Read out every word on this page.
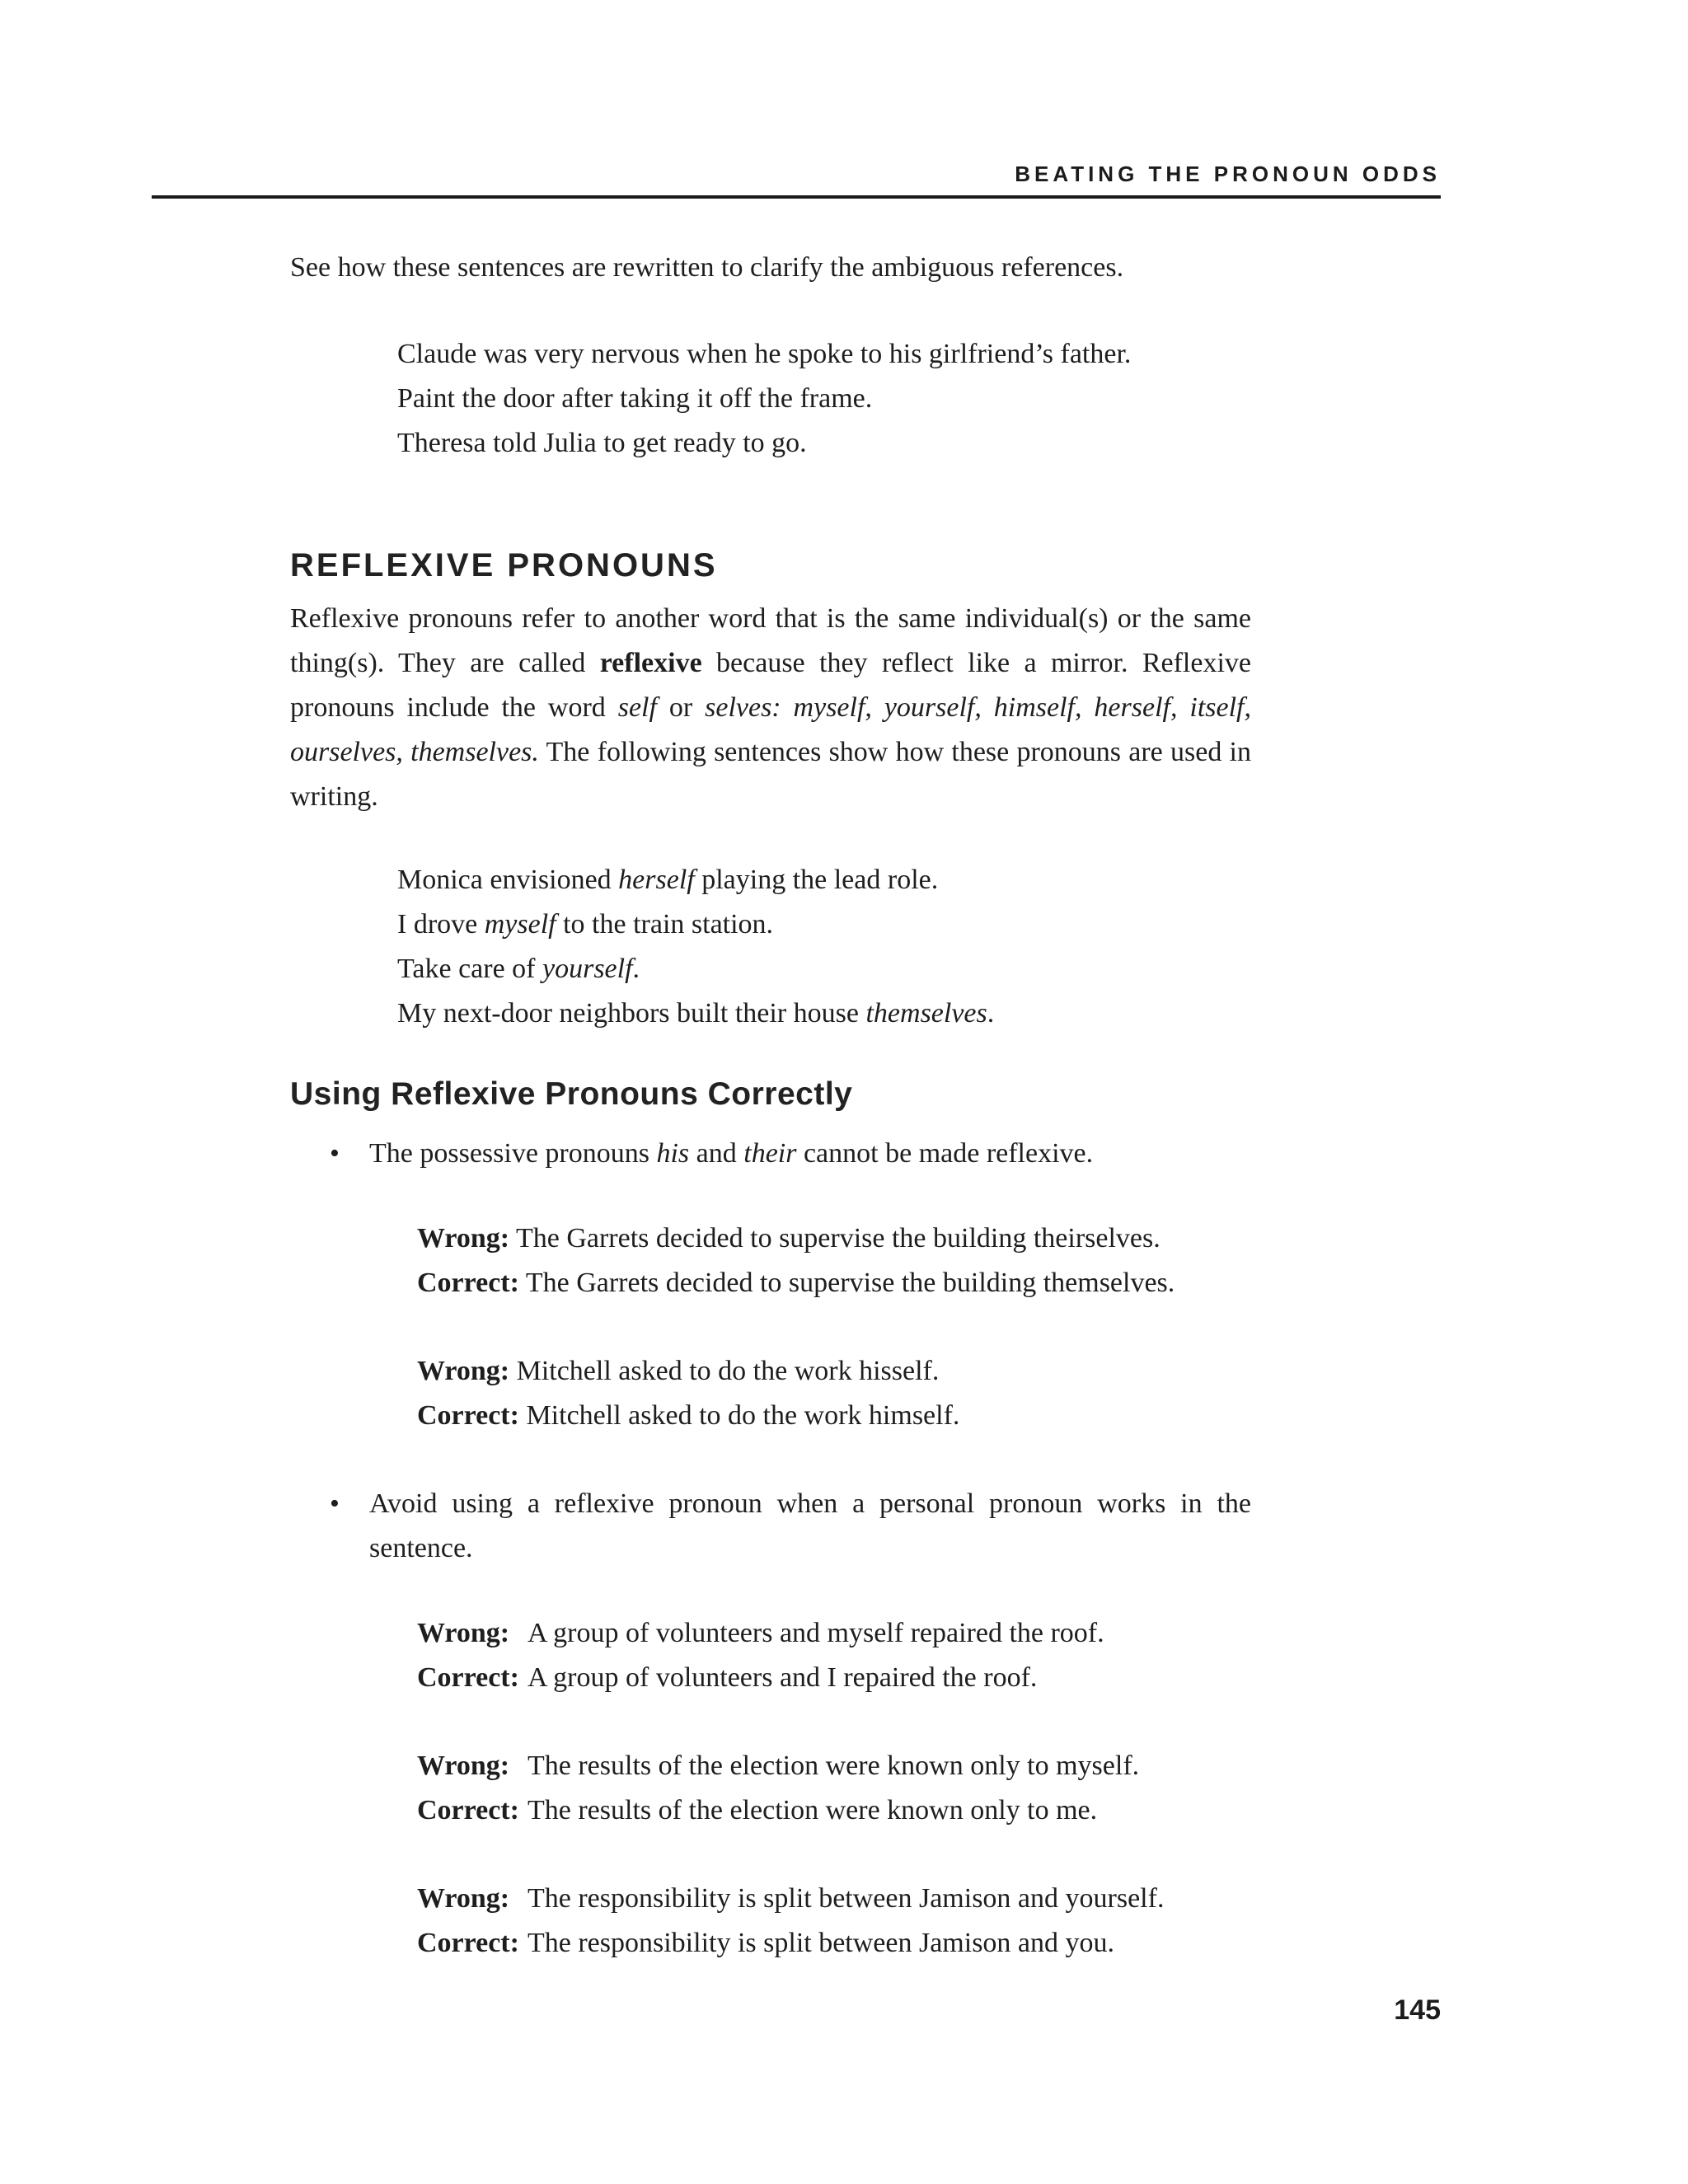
BEATING THE PRONOUN ODDS

See how these sentences are rewritten to clarify the ambiguous references.

Claude was very nervous when he spoke to his girlfriend’s father.

Paint the door after taking it off the frame.

Theresa told Julia to get ready to go.

REFLEXIVE PRONOUNS

Reflexive pronouns refer to another word that is the same individual(s) or the same thing(s). They are called reflexive because they reflect like a mirror. Reflexive pronouns include the word self or selves: myself, yourself, himself, herself, itself, ourselves, themselves. The following sentences show how these pronouns are used in writing.

Monica envisioned herself playing the lead role.

I drove myself to the train station.

Take care of yourself.

My next-door neighbors built their house themselves.

Using Reflexive Pronouns Correctly
• The possessive pronouns his and their cannot be made reflexive.

Wrong: The Garrets decided to supervise the building theirselves.

Correct: The Garrets decided to supervise the building themselves.

Wrong: Mitchell asked to do the work hisself.

Correct: Mitchell asked to do the work himself.

• Avoid using a reflexive pronoun when a personal pronoun works in the sentence.

Wrong: A group of volunteers and myself repaired the roof.

Correct: A group of volunteers and I repaired the roof.

Wrong: The results of the election were known only to myself.

Correct: The results of the election were known only to me.

Wrong: The responsibility is split between Jamison and yourself.

Correct: The responsibility is split between Jamison and you.

145
